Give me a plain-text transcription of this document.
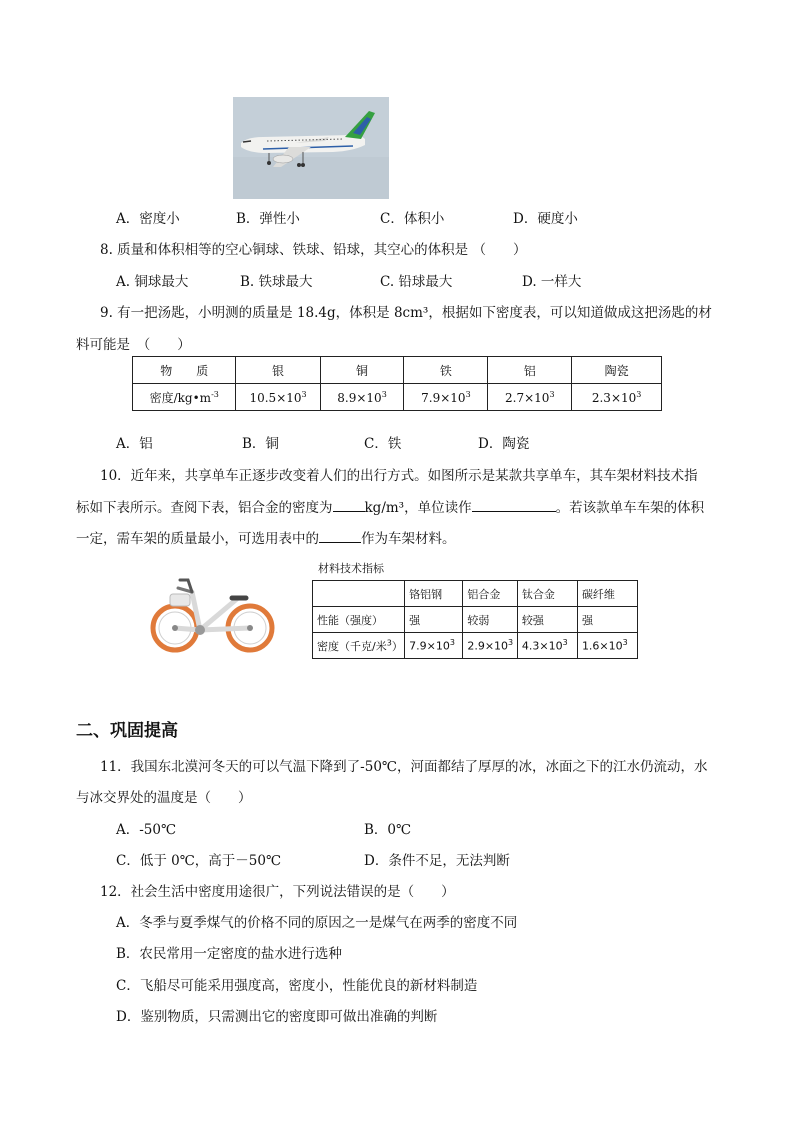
A．密度小	B．弹性小	C．体积小	D．硬度小
8. 质量和体积相等的空心铜球、铁球、铅球，其空心的体积是 （　　）
A. 铜球最大	B. 铁球最大	C. 铅球最大	D. 一样大
9. 有一把汤匙，小明测的质量是 18.4g，体积是 8cm³，根据如下密度表，可以知道做成这把汤匙的材
料可能是　（　　）
物　　质	银	铜	铁	铝	陶瓷
密度$/kg•m^{-3}$	$10.5\times 10^3$	$8.9\times 10^3$	$7.9\times 10^3$	$2.7\times 10^3$	$2.3\times 10^3$
A．铝	B．铜	C．铁	D．陶瓷
10．近年来，共享单车正逐步改变着人们的出行方式。如图所示是某款共享单车，其车架材料技术指
标如下表所示。查阅下表，铝合金的密度为 kg/m³，单位读作	。若该款单车车架的体积
一定，需车架的质量最小，可选用表中的	作为车架材料。
材料技术指标
	铬铝钢	铝合金	钛合金	碳纤维
性能（强度）	强	较弱	较强	强
密度（千克/米$^3$）	$7.9\times 10^3$	$2.9\times 10^3$	$4.3\times 10^3$	$1.6\times 10^3$
二、巩固提高
11．我国东北漠河冬天的可以气温下降到了-50℃，河面都结了厚厚的冰，冰面之下的江水仍流动，水
与冰交界处的温度是（　　）
A．-50℃	B．0℃
C．低于 0℃，高于－50℃	D．条件不足，无法判断
12．社会生活中密度用途很广，下列说法错误的是（　　）
A．冬季与夏季煤气的价格不同的原因之一是煤气在两季的密度不同
B．农民常用一定密度的盐水进行选种
C．飞船尽可能采用强度高，密度小，性能优良的新材料制造
D．鉴别物质，只需测出它的密度即可做出准确的判断
